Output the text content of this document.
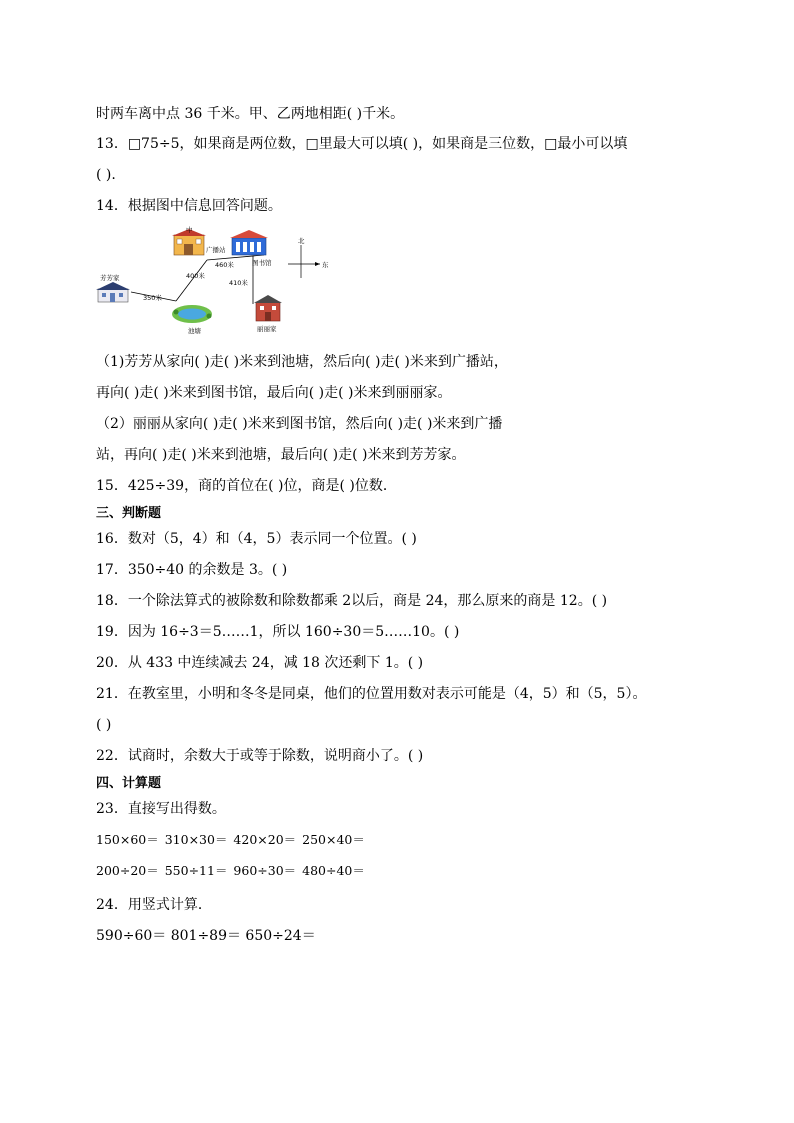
时两车离中点 36 千米。甲、乙两地相距( )千米。
13．□75÷5，如果商是两位数，□里最大可以填( )，如果商是三位数，□最小可以填
( ).
14．根据图中信息回答问题。
中
广播站
图书馆
北
东
460米
400米
410米
350米
芳芳家
池塘	丽丽家
（1)芳芳从家向( )走( )米来到池塘，然后向( )走( )米来到广播站，
再向( )走( )米来到图书馆，最后向( )走( )米来到丽丽家。
（2）丽丽从家向( )走( )米来到图书馆，然后向( )走( )米来到广播
站，再向( )走( )米来到池塘，最后向( )走( )米来到芳芳家。
15．425÷39，商的首位在( )位，商是( )位数．
三、判断题
16．数对（5，4）和（4，5）表示同一个位置。( )
17．350÷40 的余数是 3。( )
18．一个除法算式的被除数和除数都乘 2以后，商是 24，那么原来的商是 12。( )
19．因为 16÷3＝5……1，所以 160÷30＝5……10。( )
20．从 433 中连续减去 24，减 18 次还剩下 1。( )
21．在教室里，小明和冬冬是同桌，他们的位置用数对表示可能是（4，5）和（5，5）。
( )
22．试商时，余数大于或等于除数，说明商小了。( )
四、计算题
23．直接写出得数。
150×60＝ 310×30＝ 420×20＝ 250×40＝
200÷20＝ 550÷11＝ 960÷30＝ 480÷40＝
24．用竖式计算．
590÷60＝ 801÷89＝ 650÷24＝
